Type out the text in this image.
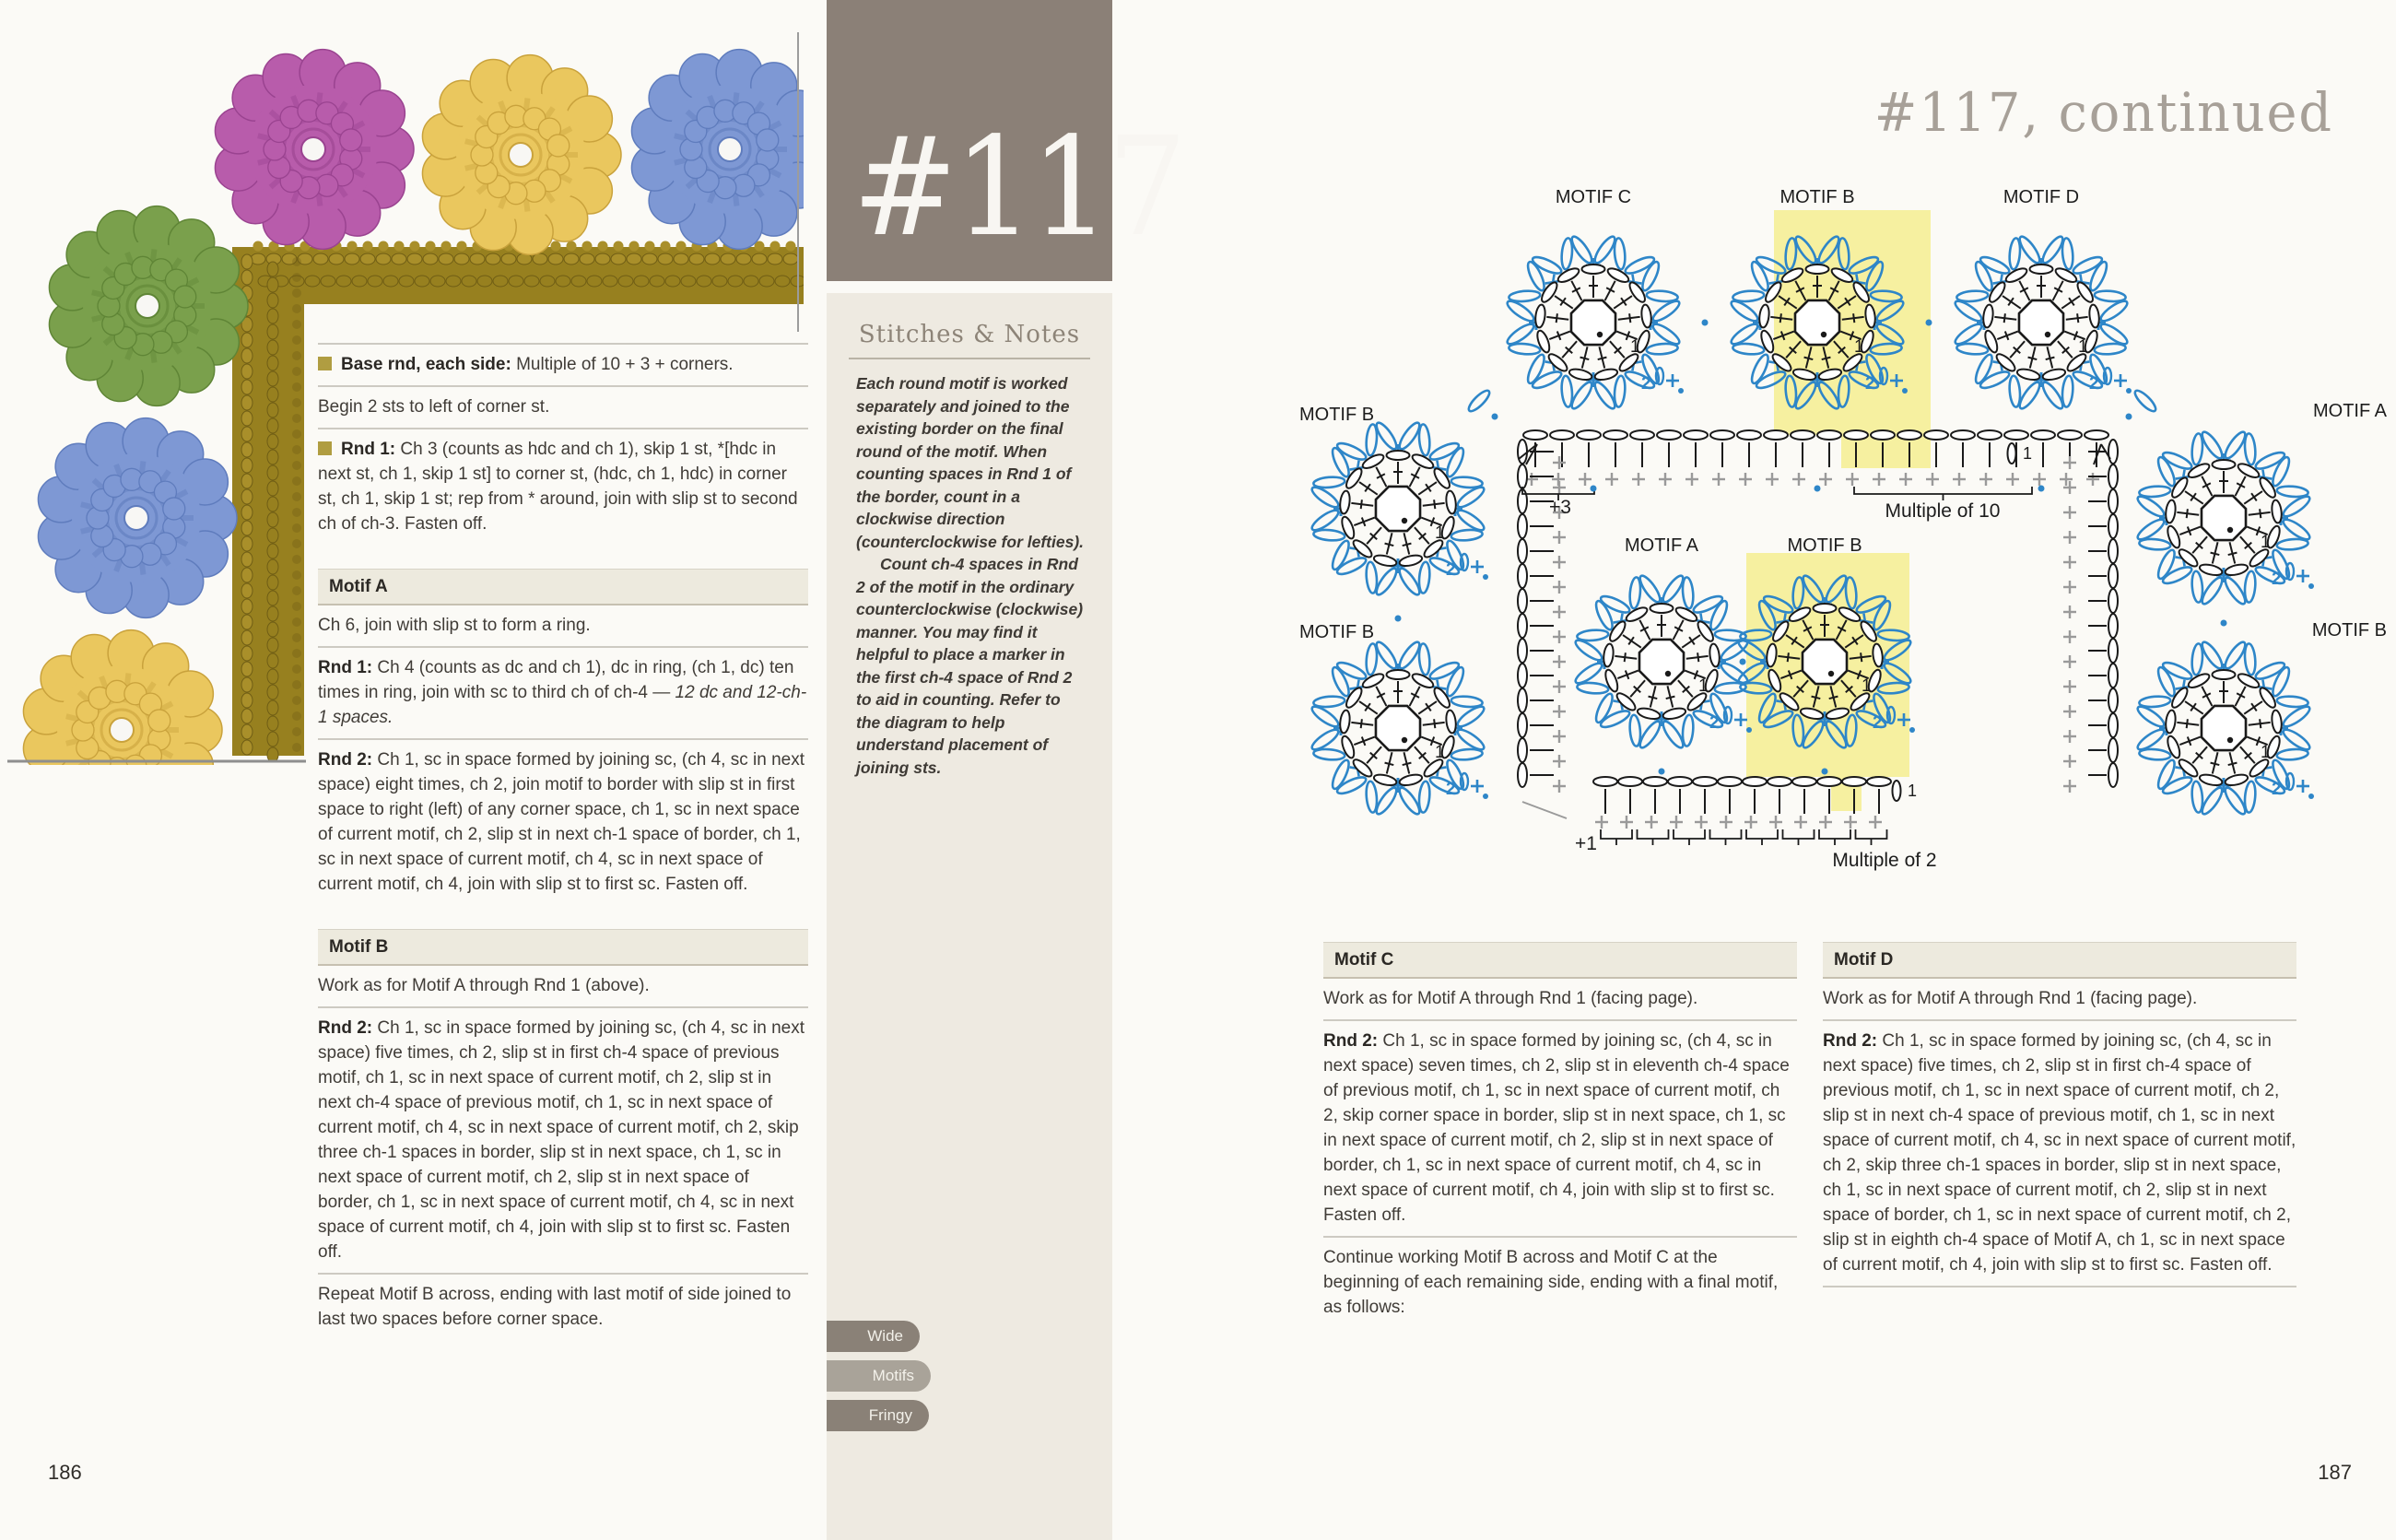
#117
Stitches & Notes

Each round motif is worked separately and joined to the existing border on the final round of the motif. When counting spaces in Rnd 1 of the border, count in a clockwise direction (counterclockwise for lefties).

Count ch-4 spaces in Rnd 2 of the motif in the ordinary counterclockwise (clockwise) manner. You may find it helpful to place a marker in the first ch-4 space of Rnd 2 to aid in counting. Refer to the diagram to help understand placement of joining sts.

Wide
Motifs
Fringy

Base rnd, each side: Multiple of 10 + 3 + corners.

Begin 2 sts to left of corner st.

Rnd 1: Ch 3 (counts as hdc and ch 1), skip 1 st, *[hdc in next st, ch 1, skip 1 st] to corner st, (hdc, ch 1, hdc) in corner st, ch 1, skip 1 st; rep from * around, join with slip st to second ch of ch-3. Fasten off.

Motif A

Ch 6, join with slip st to form a ring.

Rnd 1: Ch 4 (counts as dc and ch 1), dc in ring, (ch 1, dc) ten times in ring, join with sc to third ch of ch-4 — 12 dc and 12-ch-1 spaces.

Rnd 2: Ch 1, sc in space formed by joining sc, (ch 4, sc in next space) eight times, ch 2, join motif to border with slip st in first space to right (left) of any corner space, ch 1, sc in next space of current motif, ch 2, slip st in next ch-1 space of border, ch 1, sc in next space of current motif, ch 4, sc in next space of current motif, ch 4, join with slip st to first sc. Fasten off.

Motif B

Work as for Motif A through Rnd 1 (above).

Rnd 2: Ch 1, sc in space formed by joining sc, (ch 4, sc in next space) five times, ch 2, slip st in first ch-4 space of previous motif, ch 1, sc in next space of current motif, ch 2, slip st in next ch-4 space of previous motif, ch 1, sc in next space of current motif, ch 4, sc in next space of current motif, ch 2, skip three ch-1 spaces in border, slip st in next space, ch 1, sc in next space of current motif, ch 2, slip st in next space of border, ch 1, sc in next space of current motif, ch 4, sc in next space of current motif, ch 4, join with slip st to first sc. Fasten off.

Repeat Motif B across, ending with last motif of side joined to last two spaces before corner space.

#117, continued
1
2
1
2
1
2
1
2
1
2
1
2
1
2
1
2
1
2
MOTIF C	MOTIF B	MOTIF D
MOTIF B
MOTIF B
MOTIF A
MOTIF B
MOTIF A	MOTIF B
+3	Multiple of 10
+1
Multiple of 2
1
1
Motif C

Work as for Motif A through Rnd 1 (facing page).

Rnd 2: Ch 1, sc in space formed by joining sc, (ch 4, sc in next space) seven times, ch 2, slip st in eleventh ch-4 space of previous motif, ch 1, sc in next space of current motif, ch 2, skip corner space in border, slip st in next space, ch 1, sc in next space of current motif, ch 2, slip st in next space of border, ch 1, sc in next space of current motif, ch 4, sc in next space of current motif, ch 4, join with slip st to first sc. Fasten off.

Continue working Motif B across and Motif C at the beginning of each remaining side, ending with a final motif, as follows:

Motif D

Work as for Motif A through Rnd 1 (facing page).

Rnd 2: Ch 1, sc in space formed by joining sc, (ch 4, sc in next space) five times, ch 2, slip st in first ch-4 space of previous motif, ch 1, sc in next space of current motif, ch 2, slip st in next ch-4 space of previous motif, ch 1, sc in next space of current motif, ch 4, sc in next space of current motif, ch 2, skip three ch-1 spaces in border, slip st in next space, ch 1, sc in next space of current motif, ch 2, slip st in next space of border, ch 1, sc in next space of current motif, ch 2, slip st in eighth ch-4 space of Motif A, ch 1, sc in next space of current motif, ch 4, join with slip st to first sc. Fasten off.

186	187
